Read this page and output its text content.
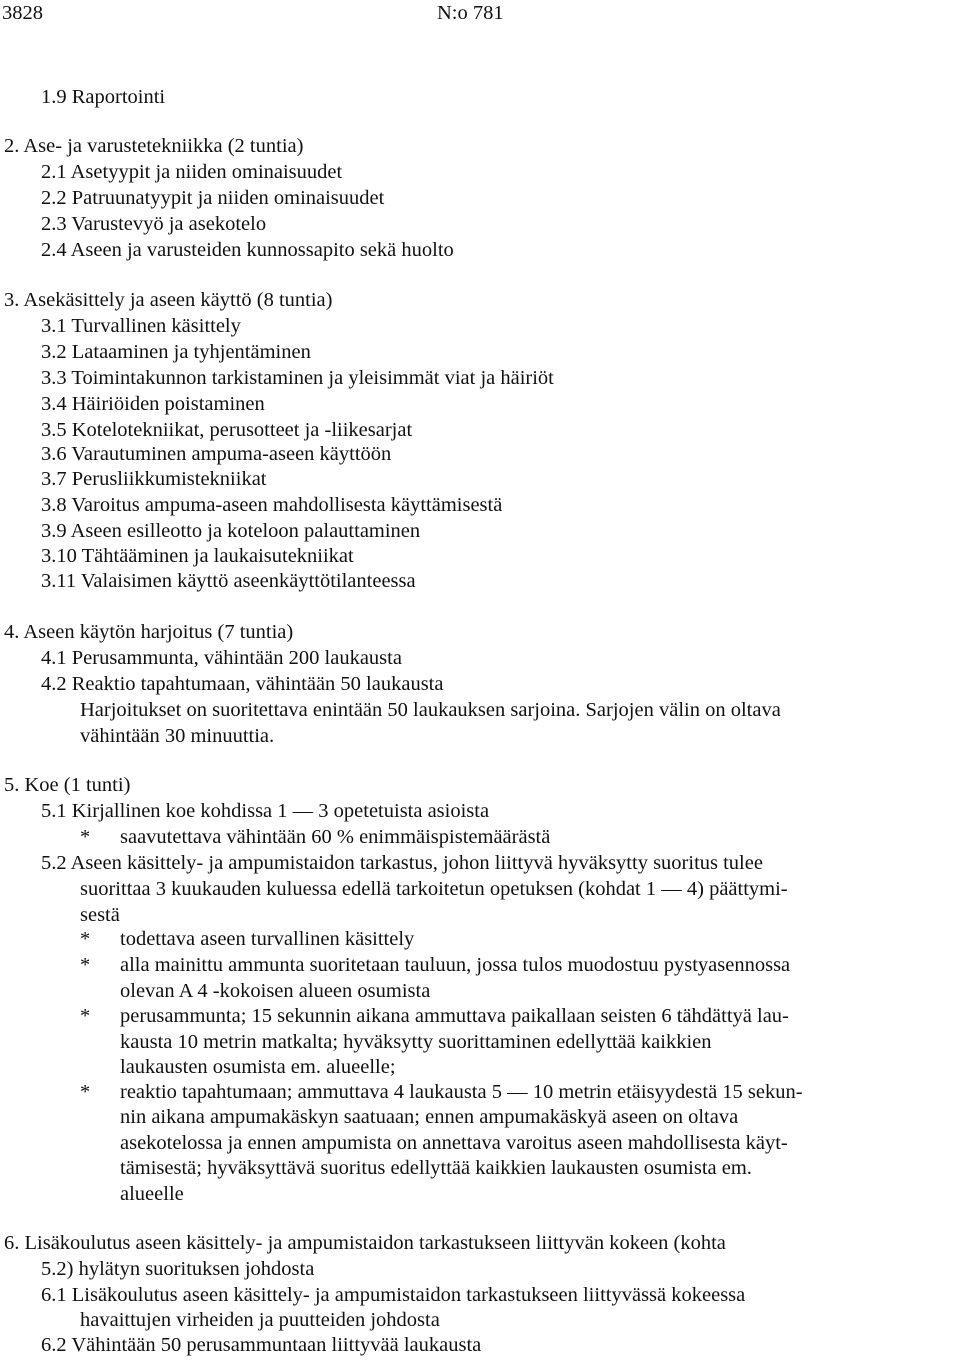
3828	N:o 781
1.9 Raportointi
2. Ase- ja varustetekniikka (2 tuntia)
2.1 Asetyypit ja niiden ominaisuudet
2.2 Patruunatyypit ja niiden ominaisuudet
2.3 Varustevyö ja asekotelo
2.4 Aseen ja varusteiden kunnossapito sekä huolto
3. Asekäsittely ja aseen käyttö (8 tuntia)
3.1 Turvallinen käsittely
3.2 Lataaminen ja tyhjentäminen
3.3 Toimintakunnon tarkistaminen ja yleisimmät viat ja häiriöt
3.4 Häiriöiden poistaminen
3.5 Kotelotekniikat, perusotteet ja -liikesarjat
3.6 Varautuminen ampuma-aseen käyttöön
3.7 Perusliikkumistekniikat
3.8 Varoitus ampuma-aseen mahdollisesta käyttämisestä
3.9 Aseen esilleotto ja koteloon palauttaminen
3.10 Tähtääminen ja laukaisutekniikat
3.11 Valaisimen käyttö aseenkäyttötilanteessa
4. Aseen käytön harjoitus (7 tuntia)
4.1 Perusammunta, vähintään 200 laukausta
4.2 Reaktio tapahtumaan, vähintään 50 laukausta
Harjoitukset on suoritettava enintään 50 laukauksen sarjoina. Sarjojen välin on oltava
vähintään 30 minuuttia.
5. Koe (1 tunti)
5.1 Kirjallinen koe kohdissa 1 — 3 opetetuista asioista
* saavutettava vähintään 60 % enimmäispistemäärästä
5.2 Aseen käsittely- ja ampumistaidon tarkastus, johon liittyvä hyväksytty suoritus tulee
suorittaa 3 kuukauden kuluessa edellä tarkoitetun opetuksen (kohdat 1 — 4) päättymi-
sestä
* todettava aseen turvallinen käsittely
* alla mainittu ammunta suoritetaan tauluun, jossa tulos muodostuu pystyasennossa
olevan A 4 -kokoisen alueen osumista
* perusammunta; 15 sekunnin aikana ammuttava paikallaan seisten 6 tähdättyä lau-
kausta 10 metrin matkalta; hyväksytty suorittaminen edellyttää kaikkien
laukausten osumista em. alueelle;
* reaktio tapahtumaan; ammuttava 4 laukausta 5 — 10 metrin etäisyydestä 15 sekun-
nin aikana ampumakäskyn saatuaan; ennen ampumakäskyä aseen on oltava
asekotelossa ja ennen ampumista on annettava varoitus aseen mahdollisesta käyt-
tämisestä; hyväksyttävä suoritus edellyttää kaikkien laukausten osumista em.
alueelle
6. Lisäkoulutus aseen käsittely- ja ampumistaidon tarkastukseen liittyvän kokeen (kohta
5.2) hylätyn suorituksen johdosta
6.1 Lisäkoulutus aseen käsittely- ja ampumistaidon tarkastukseen liittyvässä kokeessa
havaittujen virheiden ja puutteiden johdosta
6.2 Vähintään 50 perusammuntaan liittyvää laukausta
